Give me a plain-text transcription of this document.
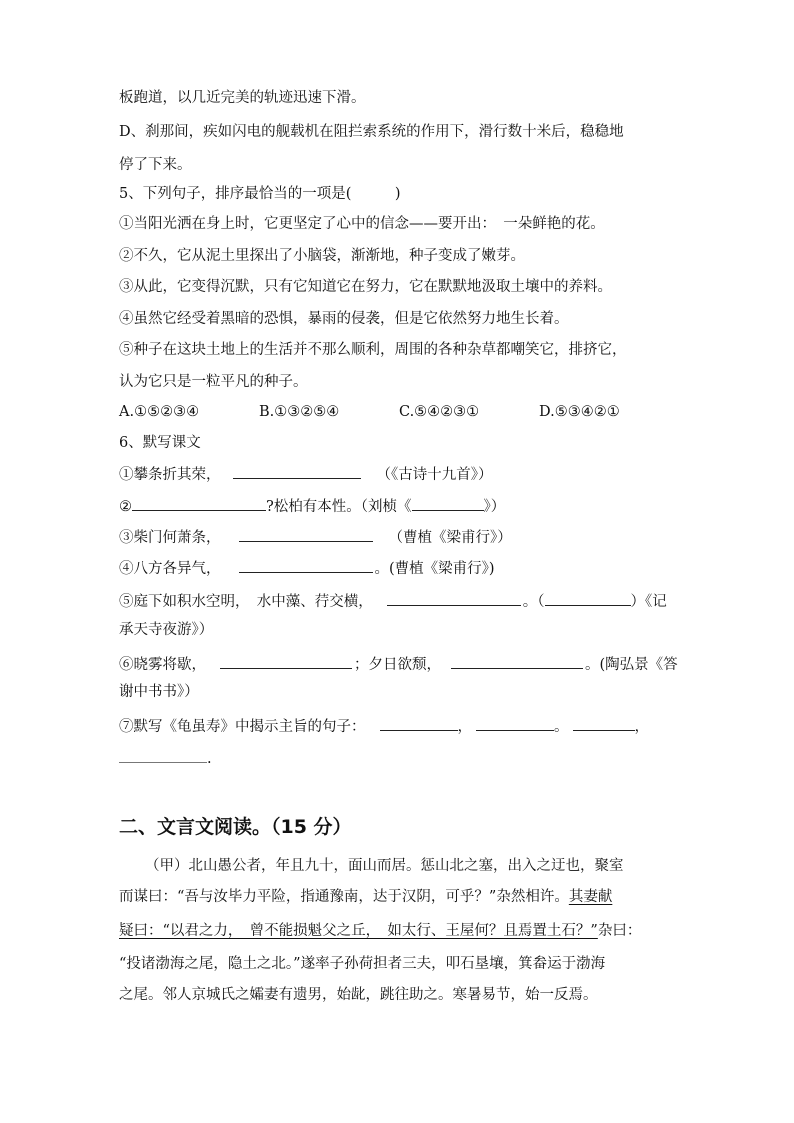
板跑道，以几近完美的轨迹迅速下滑。
D、刹那间，疾如闪电的舰载机在阻拦索系统的作用下，滑行数十米后，稳稳地
停了下来。
5、下列句子，排序最恰当的一项是(　　　)
①当阳光洒在身上时，它更坚定了心中的信念——要开出：　一朵鲜艳的花。
②不久，它从泥土里探出了小脑袋，渐渐地，种子变成了嫩芽。
③从此，它变得沉默，只有它知道它在努力，它在默默地汲取土壤中的养料。
④虽然它经受着黑暗的恐惧，暴雨的侵袭，但是它依然努力地生长着。
⑤种子在这块土地上的生活并不那么顺利，周围的各种杂草都嘲笑它，排挤它，
认为它只是一粒平凡的种子。
A.①⑤②③④	B.①③②⑤④	C.⑤④②③①	D.⑤③④②①
6、默写课文
①攀条折其荣，	（《古诗十九首》）
②	?松柏有本性。（刘桢《	》）
③柴门何萧条，	（曹植《梁甫行》）
④八方各异气，	。(曹植《梁甫行》)
⑤庭下如积水空明，　水中藻、荇交横，	。（	）《记
承天寺夜游》）
⑥晓雾将歇，	；夕日欲颓，	。(陶弘景《答
谢中书书》）
⑦默写《龟虽寿》中揭示主旨的句子：	，	。	，
.
二、文言文阅读。（15 分）
（甲）北山愚公者，年且九十，面山而居。惩山北之塞，出入之迂也，聚室
而谋曰：“吾与汝毕力平险，指通豫南，达于汉阴，可乎？”杂然相许。其妻献
疑曰：“以君之力，　曾不能损魁父之丘，　如太行、王屋何？且焉置土石？”杂曰：
“投诸渤海之尾，隐土之北。”遂率子孙荷担者三夫，叩石垦壤，箕畚运于渤海
之尾。邻人京城氏之孀妻有遗男，始龀，跳往助之。寒暑易节，始一反焉。
